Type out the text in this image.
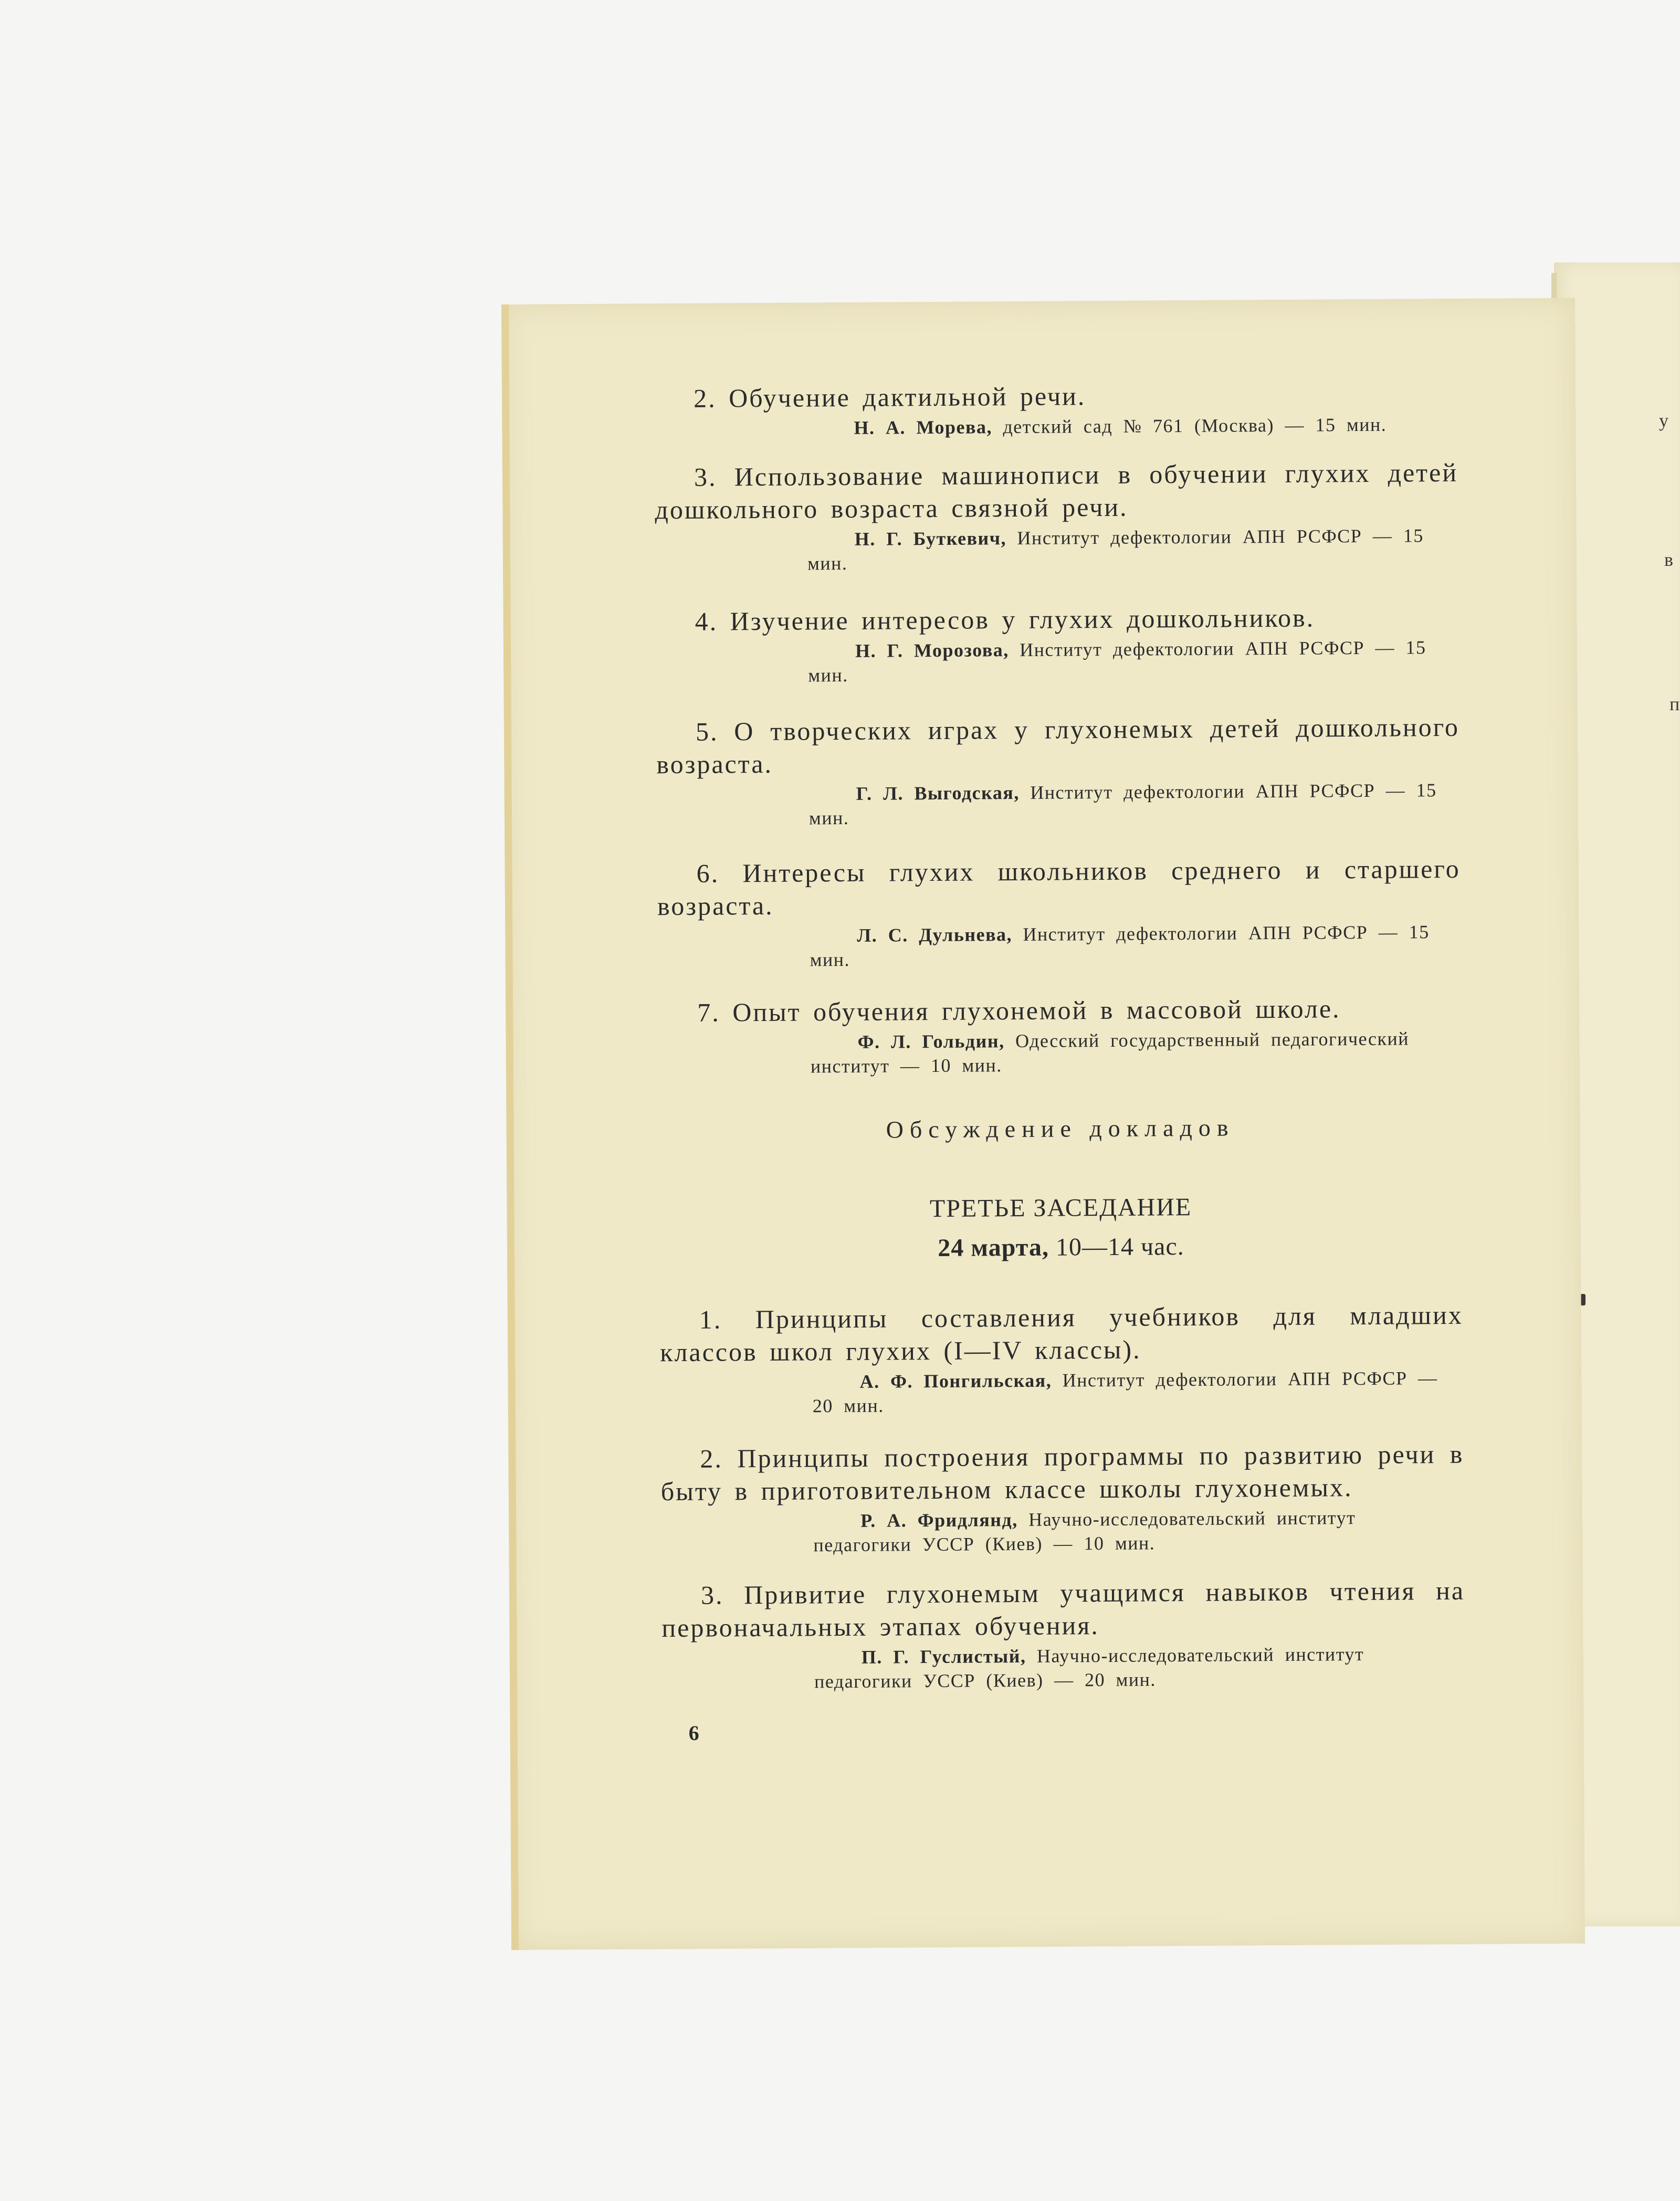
у
в
п

2. Обучение дактильной речи.

Н. А. Морева, детский сад № 761 (Москва) — 15 мин.

3. Использование машинописи в обучении глухих детей дошкольного возраста связной речи.

Н. Г. Буткевич, Институт дефектологии АПН РСФСР — 15 мин.

4. Изучение интересов у глухих дошкольников.

Н. Г. Морозова, Институт дефектологии АПН РСФСР — 15 мин.

5. О творческих играх у глухонемых детей дошкольного возраста.

Г. Л. Выгодская, Институт дефектологии АПН РСФСР — 15 мин.

6. Интересы глухих школьников среднего и старшего возраста.

Л. С. Дульнева, Институт дефектологии АПН РСФСР — 15 мин.

7. Опыт обучения глухонемой в массовой школе.

Ф. Л. Гольдин, Одесский государственный педагогический институт — 10 мин.

Обсуждение докладов

ТРЕТЬЕ ЗАСЕДАНИЕ

24 марта, 10—14 час.

1. Принципы составления учебников для младших классов школ глухих (I—IV классы).

А. Ф. Понгильская, Институт дефектологии АПН РСФСР — 20 мин.

2. Принципы построения программы по развитию речи в быту в приготовительном классе школы глухонемых.

Р. А. Фридлянд, Научно-исследовательский институт педагогики УССР (Киев) — 10 мин.

3. Привитие глухонемым учащимся навыков чтения на первоначальных этапах обучения.

П. Г. Гуслистый, Научно-исследовательский институт педагогики УССР (Киев) — 20 мин.

6
